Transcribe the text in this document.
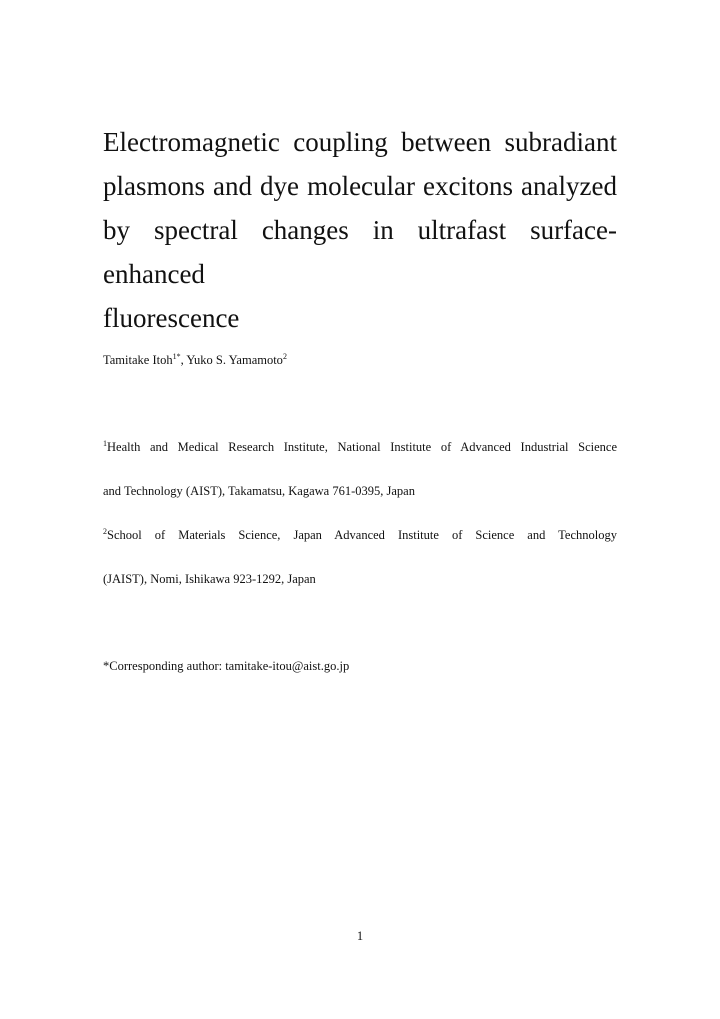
Electromagnetic coupling between subradiant
plasmons and dye molecular excitons analyzed
by spectral changes in ultrafast surface-enhanced
fluorescence
Tamitake Itoh$^{1*}$, Yuko S. Yamamoto$^2$
$^1$Health and Medical Research Institute, National Institute of Advanced Industrial Science
and Technology (AIST), Takamatsu, Kagawa 761-0395, Japan
$^2$School of Materials Science, Japan Advanced Institute of Science and Technology
(JAIST), Nomi, Ishikawa 923-1292, Japan
*Corresponding author: tamitake-itou@aist.go.jp
1
